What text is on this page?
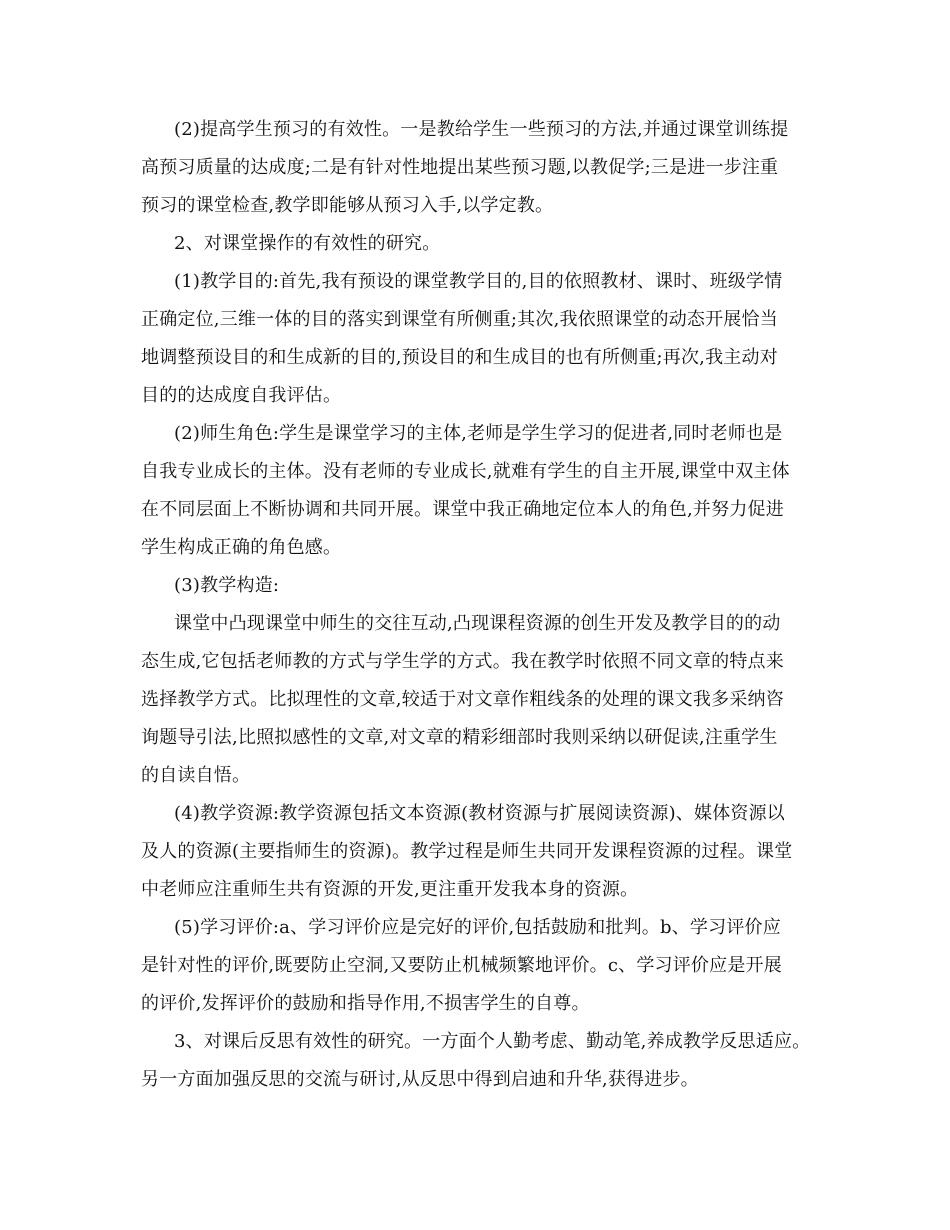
(2)提高学生预习的有效性。一是教给学生一些预习的方法,并通过课堂训练提
高预习质量的达成度;二是有针对性地提出某些预习题,以教促学;三是进一步注重
预习的课堂检查,教学即能够从预习入手,以学定教。
2、对课堂操作的有效性的研究。
(1)教学目的:首先,我有预设的课堂教学目的,目的依照教材、课时、班级学情
正确定位,三维一体的目的落实到课堂有所侧重;其次,我依照课堂的动态开展恰当
地调整预设目的和生成新的目的,预设目的和生成目的也有所侧重;再次,我主动对
目的的达成度自我评估。
(2)师生角色:学生是课堂学习的主体,老师是学生学习的促进者,同时老师也是
自我专业成长的主体。没有老师的专业成长,就难有学生的自主开展,课堂中双主体
在不同层面上不断协调和共同开展。课堂中我正确地定位本人的角色,并努力促进
学生构成正确的角色感。
(3)教学构造:
课堂中凸现课堂中师生的交往互动,凸现课程资源的创生开发及教学目的的动
态生成,它包括老师教的方式与学生学的方式。我在教学时依照不同文章的特点来
选择教学方式。比拟理性的文章,较适于对文章作粗线条的处理的课文我多采纳咨
询题导引法,比照拟感性的文章,对文章的精彩细部时我则采纳以研促读,注重学生
的自读自悟。
(4)教学资源:教学资源包括文本资源(教材资源与扩展阅读资源)、媒体资源以
及人的资源(主要指师生的资源)。教学过程是师生共同开发课程资源的过程。课堂
中老师应注重师生共有资源的开发,更注重开发我本身的资源。
(5)学习评价:a、学习评价应是完好的评价,包括鼓励和批判。b、学习评价应
是针对性的评价,既要防止空洞,又要防止机械频繁地评价。c、学习评价应是开展
的评价,发挥评价的鼓励和指导作用,不损害学生的自尊。
3、对课后反思有效性的研究。一方面个人勤考虑、勤动笔,养成教学反思适应。
另一方面加强反思的交流与研讨,从反思中得到启迪和升华,获得进步。
